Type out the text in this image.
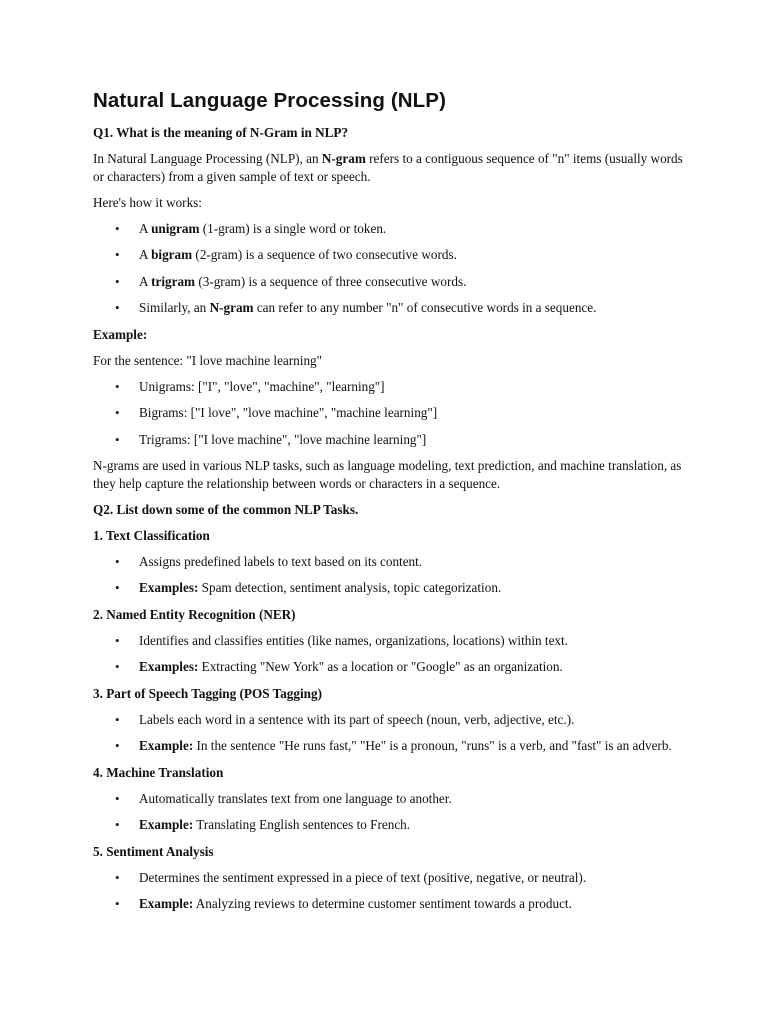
Natural Language Processing (NLP)
Q1. What is the meaning of N-Gram in NLP?

In Natural Language Processing (NLP), an N-gram refers to a contiguous sequence of "n" items (usually words or characters) from a given sample of text or speech.

Here's how it works:

• A unigram (1-gram) is a single word or token.
• A bigram (2-gram) is a sequence of two consecutive words.
• A trigram (3-gram) is a sequence of three consecutive words.
• Similarly, an N-gram can refer to any number "n" of consecutive words in a sequence.
Example:

For the sentence: "I love machine learning"

• Unigrams: ["I", "love", "machine", "learning"]
• Bigrams: ["I love", "love machine", "machine learning"]
• Trigrams: ["I love machine", "love machine learning"]

N-grams are used in various NLP tasks, such as language modeling, text prediction, and machine translation, as they help capture the relationship between words or characters in a sequence.

Q2. List down some of the common NLP Tasks.
1. Text Classification
• Assigns predefined labels to text based on its content.
• Examples: Spam detection, sentiment analysis, topic categorization.
2. Named Entity Recognition (NER)
• Identifies and classifies entities (like names, organizations, locations) within text.
• Examples: Extracting "New York" as a location or "Google" as an organization.
3. Part of Speech Tagging (POS Tagging)
• Labels each word in a sentence with its part of speech (noun, verb, adjective, etc.).
• Example: In the sentence "He runs fast," "He" is a pronoun, "runs" is a verb, and "fast" is an adverb.
4. Machine Translation
• Automatically translates text from one language to another.
• Example: Translating English sentences to French.
5. Sentiment Analysis
• Determines the sentiment expressed in a piece of text (positive, negative, or neutral).
• Example: Analyzing reviews to determine customer sentiment towards a product.
